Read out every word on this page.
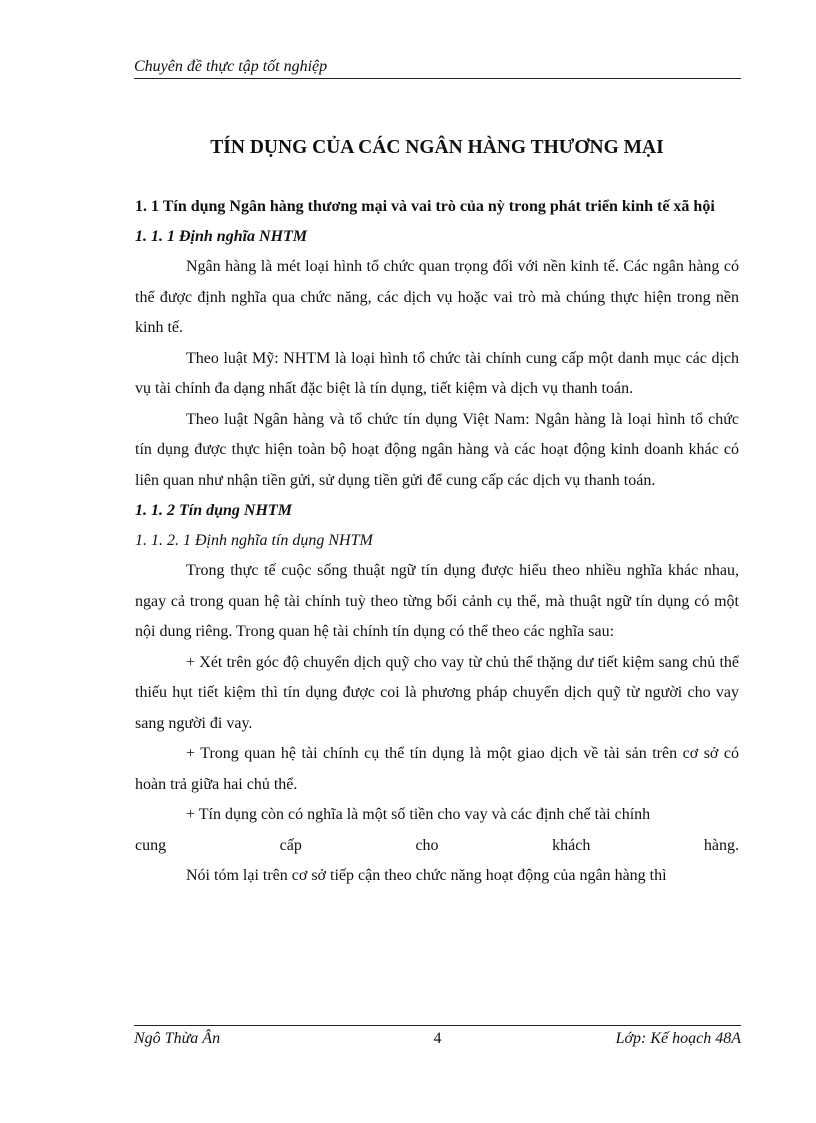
Chuyên đề thực tập tốt nghiệp
TÍN DỤNG CỦA CÁC NGÂN HÀNG THƯƠNG MẠI
1. 1 Tín dụng Ngân hàng thương mại và vai trò của nỳ trong phát triển kinh tế xã hội
1. 1. 1 Định nghĩa NHTM

Ngân hàng là mét loại hình tổ chức quan trọng đối với nền kinh tế. Các ngân hàng có thể được định nghĩa qua chức năng, các dịch vụ hoặc vai trò mà chúng thực hiện trong nền kinh tế.

Theo luật Mỹ: NHTM là loại hình tổ chức tài chính cung cấp một danh mục các dịch vụ tài chính đa dạng nhất đặc biệt là tín dụng, tiết kiệm và dịch vụ thanh toán.

Theo luật Ngân hàng và tổ chức tín dụng Việt Nam: Ngân hàng là loại hình tổ chức tín dụng được thực hiện toàn bộ hoạt động ngân hàng và các hoạt động kinh doanh khác có liên quan như nhận tiền gửi, sử dụng tiền gửi để cung cấp các dịch vụ thanh toán.

1. 1. 2 Tín dụng NHTM
1. 1. 2. 1 Định nghĩa tín dụng NHTM

Trong thực tế cuộc sống thuật ngữ tín dụng được hiểu theo nhiều nghĩa khác nhau, ngay cả trong quan hệ tài chính tuỳ theo từng bối cảnh cụ thể, mà thuật ngữ tín dụng có một nội dung riêng. Trong quan hệ tài chính tín dụng có thể theo các nghĩa sau:

+ Xét trên góc độ chuyển dịch quỹ cho vay từ chủ thể thặng dư tiết kiệm sang chủ thể thiếu hụt tiết kiệm thì tín dụng được coi là phương pháp chuyển dịch quỹ từ người cho vay sang người đi vay.

+ Trong quan hệ tài chính cụ thể tín dụng là một giao dịch về tài sản trên cơ sở có hoàn trả giữa hai chủ thể.

+ Tín dụng còn có nghĩa là một số tiền cho vay và các định chế tài chính

cung	cấp	cho	khách	hàng.

Nói tóm lại trên cơ sở tiếp cận theo chức năng hoạt động của ngân hàng thì

Ngô Thừa Ân	4	Lớp: Kế hoạch 48A
